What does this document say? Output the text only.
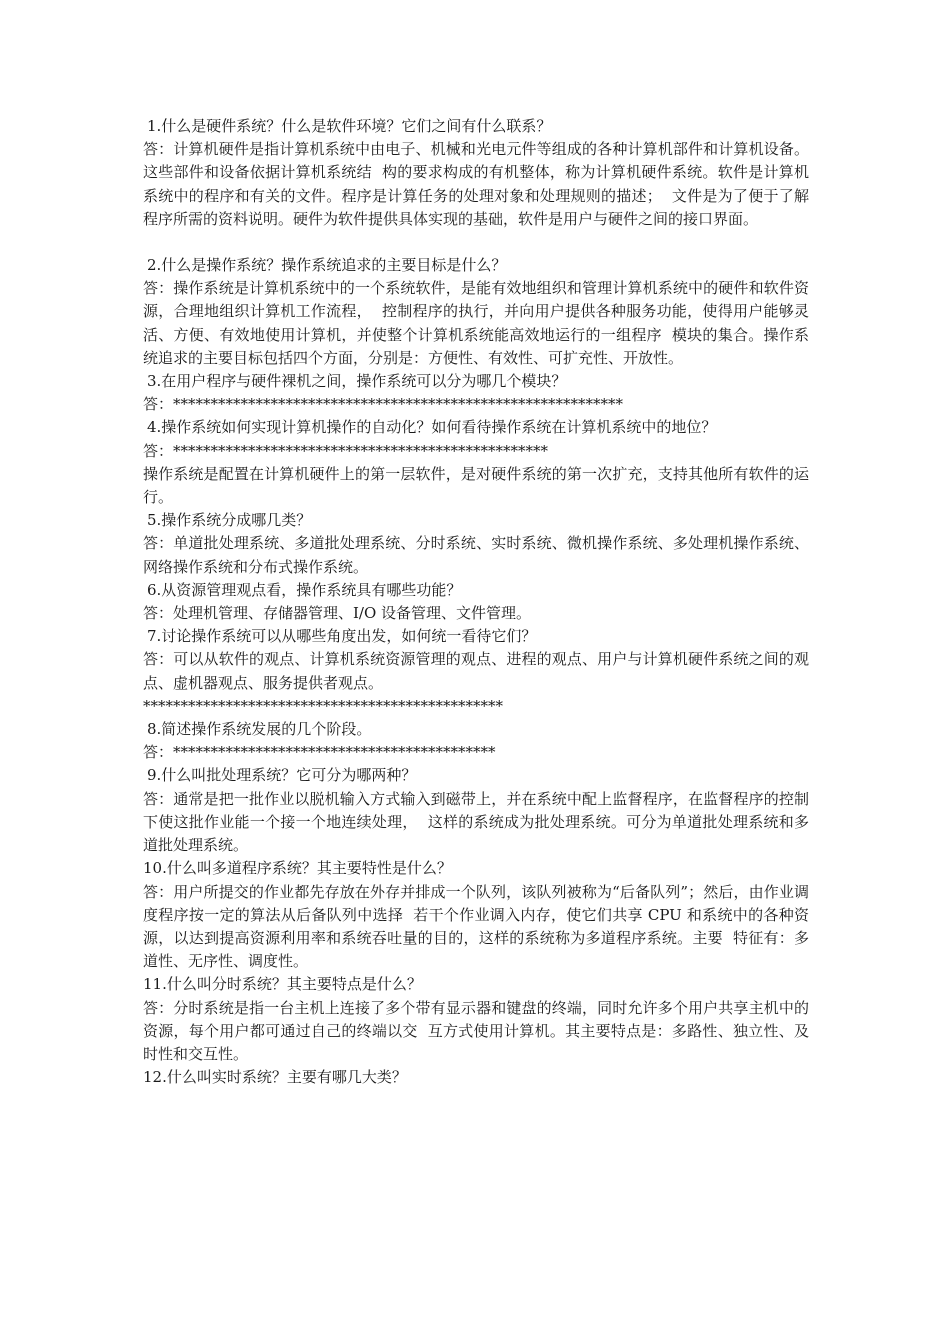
1.什么是硬件系统？什么是软件环境？它们之间有什么联系？
答：计算机硬件是指计算机系统中由电子、机械和光电元件等组成的各种计算机部件和计算机设备。这些部件和设备依据计算机系统结  构的要求构成的有机整体，称为计算机硬件系统。软件是计算机系统中的程序和有关的文件。程序是计算任务的处理对象和处理规则的描述；  文件是为了便于了解程序所需的资料说明。硬件为软件提供具体实现的基础，软件是用户与硬件之间的接口界面。
2.什么是操作系统？操作系统追求的主要目标是什么？
答：操作系统是计算机系统中的一个系统软件，是能有效地组织和管理计算机系统中的硬件和软件资源，合理地组织计算机工作流程，  控制程序的执行，并向用户提供各种服务功能，使得用户能够灵活、方便、有效地使用计算机，并使整个计算机系统能高效地运行的一组程序  模块的集合。操作系统追求的主要目标包括四个方面，分别是：方便性、有效性、可扩充性、开放性。
3.在用户程序与硬件裸机之间，操作系统可以分为哪几个模块？
答：************************************************************
4.操作系统如何实现计算机操作的自动化？如何看待操作系统在计算机系统中的地位？
答：**************************************************
操作系统是配置在计算机硬件上的第一层软件，是对硬件系统的第一次扩充，支持其他所有软件的运行。
5.操作系统分成哪几类？
答：单道批处理系统、多道批处理系统、分时系统、实时系统、微机操作系统、多处理机操作系统、网络操作系统和分布式操作系统。
6.从资源管理观点看，操作系统具有哪些功能？
答：处理机管理、存储器管理、I/O 设备管理、文件管理。
7.讨论操作系统可以从哪些角度出发，如何统一看待它们？
答：可以从软件的观点、计算机系统资源管理的观点、进程的观点、用户与计算机硬件系统之间的观点、虚机器观点、服务提供者观点。
************************************************
8.简述操作系统发展的几个阶段。
答：*******************************************
9.什么叫批处理系统？它可分为哪两种？
答：通常是把一批作业以脱机输入方式输入到磁带上，并在系统中配上监督程序，在监督程序的控制下使这批作业能一个接一个地连续处理，  这样的系统成为批处理系统。可分为单道批处理系统和多道批处理系统。
10.什么叫多道程序系统？其主要特性是什么？
答：用户所提交的作业都先存放在外存并排成一个队列，该队列被称为“后备队列”；然后，由作业调度程序按一定的算法从后备队列中选择  若干个作业调入内存，使它们共享 CPU 和系统中的各种资源，以达到提高资源利用率和系统吞吐量的目的，这样的系统称为多道程序系统。主要  特征有：多道性、无序性、调度性。
11.什么叫分时系统？其主要特点是什么？
答：分时系统是指一台主机上连接了多个带有显示器和键盘的终端，同时允许多个用户共享主机中的资源，每个用户都可通过自己的终端以交  互方式使用计算机。其主要特点是：多路性、独立性、及时性和交互性。
12.什么叫实时系统？主要有哪几大类？
